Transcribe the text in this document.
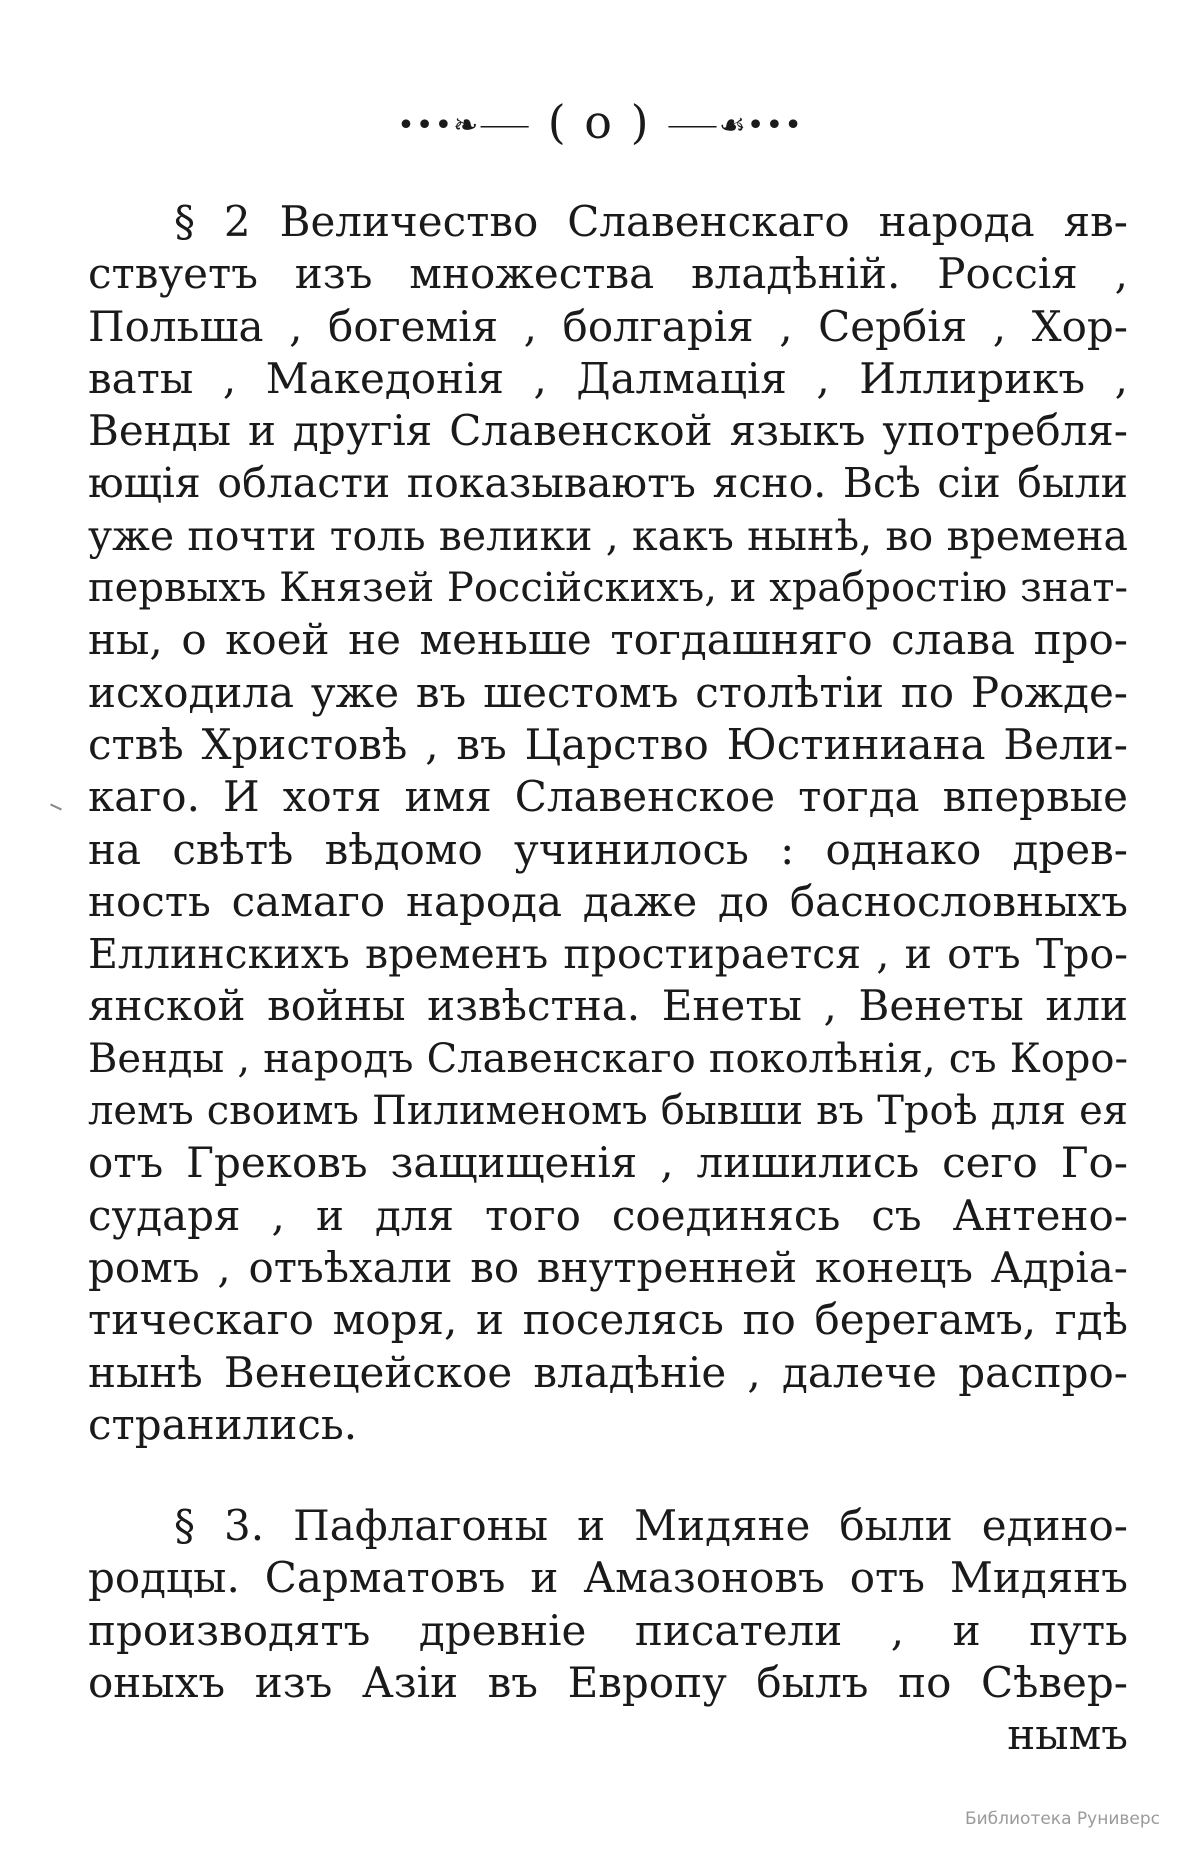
•••❧⸺ ( o ) ⸺☙•••
§ 2 Величество Славенскаго народа яв-
ствуетъ изъ множества владѣній. Россія ,
Польша , богемія , болгарія , Сербія , Хор-
ваты , Македонія , Далмація , Иллирикъ ,
Венды и другія Славенской языкъ употребля-
ющія области показываютъ ясно. Всѣ сіи были
уже почти толь велики , какъ нынѣ, во времена
первыхъ Князей Россійскихъ, и храбростію знат-
ны, о коей не меньше тогдашняго слава про-
исходила уже въ шестомъ столѣтіи по Рожде-
ствѣ Христовѣ , въ Царство Юстиниана Вели-
каго. И хотя имя Славенское тогда впервые
на свѣтѣ вѣдомо учинилось : однако древ-
ность самаго народа даже до баснословныхъ
Еллинскихъ временъ простирается , и отъ Тро-
янской войны извѣстна. Енеты , Венеты или
Венды , народъ Славенскаго поколѣнія, съ Коро-
лемъ своимъ Пилименомъ бывши въ Троѣ для ея
отъ Грековъ защищенія , лишились сего Го-
сударя , и для того соединясь съ Антено-
ромъ , отъѣхали во внутренней конецъ Адріа-
тическаго моря, и поселясь по берегамъ, гдѣ
нынѣ Венецейское владѣніе , далече распро-
странились.
§ 3. Пафлагоны и Мидяне были едино-
родцы. Сарматовъ и Амазоновъ отъ Мидянъ
производятъ древніе писатели , и путь
оныхъ изъ Азіи въ Европу былъ по Сѣвер-
нымъ
Библиотека Руниверс
